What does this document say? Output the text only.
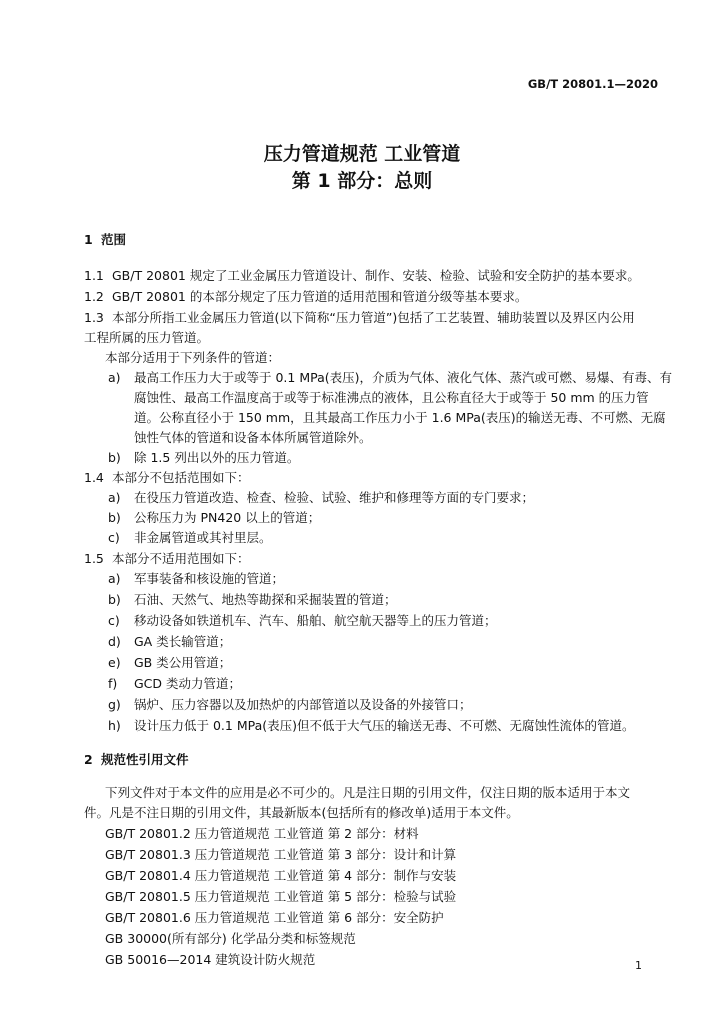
GB/T 20801.1—2020
压力管道规范 工业管道
第 1 部分：总则
1 范围
1.1 GB/T 20801 规定了工业金属压力管道设计、制作、安装、检验、试验和安全防护的基本要求。
1.2 GB/T 20801 的本部分规定了压力管道的适用范围和管道分级等基本要求。
1.3 本部分所指工业金属压力管道(以下简称“压力管道”)包括了工艺装置、辅助装置以及界区内公用
工程所属的压力管道。
本部分适用于下列条件的管道：
a) 最高工作压力大于或等于 0.1 MPa(表压)，介质为气体、液化气体、蒸汽或可燃、易爆、有毒、有
腐蚀性、最高工作温度高于或等于标准沸点的液体，且公称直径大于或等于 50 mm 的压力管
道。公称直径小于 150 mm，且其最高工作压力小于 1.6 MPa(表压)的输送无毒、不可燃、无腐
蚀性气体的管道和设备本体所属管道除外。
b) 除 1.5 列出以外的压力管道。
1.4 本部分不包括范围如下：
a) 在役压力管道改造、检查、检验、试验、维护和修理等方面的专门要求；
b) 公称压力为 PN420 以上的管道；
c) 非金属管道或其衬里层。
1.5 本部分不适用范围如下：
a) 军事装备和核设施的管道；
b) 石油、天然气、地热等勘探和采掘装置的管道；
c) 移动设备如铁道机车、汽车、船舶、航空航天器等上的压力管道；
d) GA 类长输管道；
e) GB 类公用管道；
f) GCD 类动力管道；
g) 锅炉、压力容器以及加热炉的内部管道以及设备的外接管口；
h) 设计压力低于 0.1 MPa(表压)但不低于大气压的输送无毒、不可燃、无腐蚀性流体的管道。
2 规范性引用文件
下列文件对于本文件的应用是必不可少的。凡是注日期的引用文件，仅注日期的版本适用于本文
件。凡是不注日期的引用文件，其最新版本(包括所有的修改单)适用于本文件。
GB/T 20801.2 压力管道规范 工业管道 第 2 部分：材料
GB/T 20801.3 压力管道规范 工业管道 第 3 部分：设计和计算
GB/T 20801.4 压力管道规范 工业管道 第 4 部分：制作与安装
GB/T 20801.5 压力管道规范 工业管道 第 5 部分：检验与试验
GB/T 20801.6 压力管道规范 工业管道 第 6 部分：安全防护
GB 30000(所有部分) 化学品分类和标签规范
GB 50016—2014 建筑设计防火规范	1
